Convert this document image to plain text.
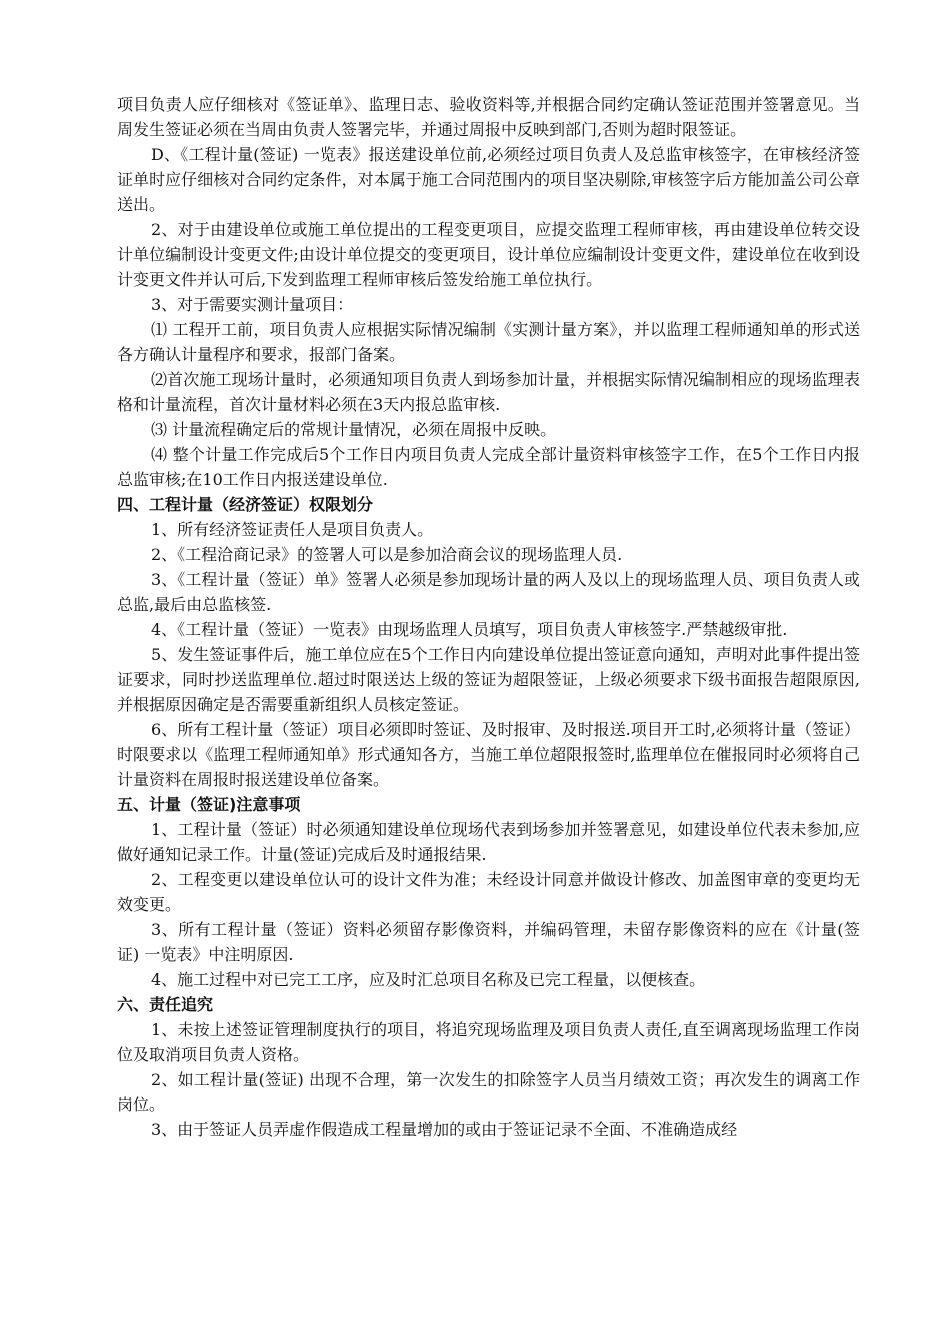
项目负责人应仔细核对《签证单》、监理日志、验收资料等,并根据合同约定确认签证范围并签署意见。当周发生签证必须在当周由负责人签署完毕，并通过周报中反映到部门,否则为超时限签证。

D、《工程计量(签证) 一览表》报送建设单位前,必须经过项目负责人及总监审核签字，在审核经济签证单时应仔细核对合同约定条件，对本属于施工合同范围内的项目坚决剔除,审核签字后方能加盖公司公章送出。

2、对于由建设单位或施工单位提出的工程变更项目，应提交监理工程师审核，再由建设单位转交设计单位编制设计变更文件;由设计单位提交的变更项目，设计单位应编制设计变更文件，建设单位在收到设计变更文件并认可后,下发到监理工程师审核后签发给施工单位执行。

3、对于需要实测计量项目：

⑴ 工程开工前，项目负责人应根据实际情况编制《实测计量方案》，并以监理工程师通知单的形式送各方确认计量程序和要求，报部门备案。

⑵首次施工现场计量时，必须通知项目负责人到场参加计量，并根据实际情况编制相应的现场监理表格和计量流程，首次计量材料必须在3天内报总监审核.

⑶ 计量流程确定后的常规计量情况，必须在周报中反映。

⑷ 整个计量工作完成后5个工作日内项目负责人完成全部计量资料审核签字工作，在5个工作日内报总监审核;在10工作日内报送建设单位.

四、工程计量（经济签证）权限划分

1、所有经济签证责任人是项目负责人。

2、《工程洽商记录》的签署人可以是参加洽商会议的现场监理人员.

3、《工程计量（签证）单》签署人必须是参加现场计量的两人及以上的现场监理人员、项目负责人或总监,最后由总监核签.

4、《工程计量（签证）一览表》由现场监理人员填写，项目负责人审核签字.严禁越级审批.

5、发生签证事件后，施工单位应在5个工作日内向建设单位提出签证意向通知，声明对此事件提出签证要求，同时抄送监理单位.超过时限送达上级的签证为超限签证，上级必须要求下级书面报告超限原因,并根据原因确定是否需要重新组织人员核定签证。

6、所有工程计量（签证）项目必须即时签证、及时报审、及时报送.项目开工时,必须将计量（签证）时限要求以《监理工程师通知单》形式通知各方，当施工单位超限报签时,监理单位在催报同时必须将自己计量资料在周报时报送建设单位备案。

五、计量（签证)注意事项

1、工程计量（签证）时必须通知建设单位现场代表到场参加并签署意见，如建设单位代表未参加,应做好通知记录工作。计量(签证)完成后及时通报结果.

2、工程变更以建设单位认可的设计文件为准；未经设计同意并做设计修改、加盖图审章的变更均无效变更。

3、所有工程计量（签证）资料必须留存影像资料，并编码管理，未留存影像资料的应在《计量(签证) 一览表》中注明原因.

4、施工过程中对已完工工序，应及时汇总项目名称及已完工程量，以便核查。

六、责任追究

1、未按上述签证管理制度执行的项目，将追究现场监理及项目负责人责任,直至调离现场监理工作岗位及取消项目负责人资格。

2、如工程计量(签证) 出现不合理，第一次发生的扣除签字人员当月绩效工资；再次发生的调离工作岗位。

3、由于签证人员弄虚作假造成工程量增加的或由于签证记录不全面、不准确造成经
